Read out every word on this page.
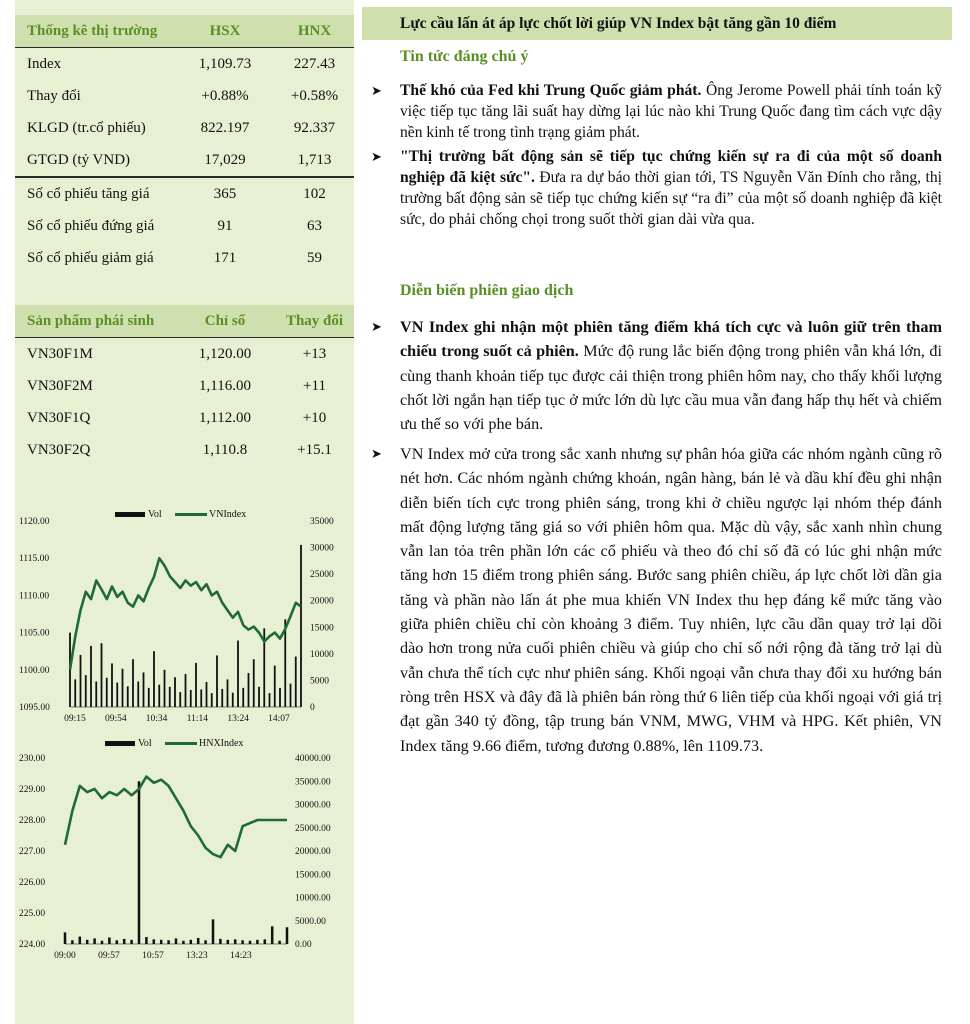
Thống kê thị trường	HSX	HNX
Index	1,109.73	227.43
Thay đổi	+0.88%	+0.58%
KLGD (tr.cổ phiếu)	822.197	92.337
GTGD (tỷ VND)	17,029	1,713
Số cổ phiếu tăng giá	365	102
Số cổ phiếu đứng giá	91	63
Số cổ phiếu giảm giá	171	59
Sản phẩm phái sinh	Chỉ số	Thay đổi
VN30F1M	1,120.00	+13
VN30F2M	1,116.00	+11
VN30F1Q	1,112.00	+10
VN30F2Q	1,110.8	+15.1
Vol	VNIndex
1120.00
1115.00
1110.00
1105.00
1100.00
1095.00
35000
30000
25000
20000
15000
10000
5000
0
09:15 09:54 10:34 11:14 13:24 14:07
Vol	HNXIndex
230.00
229.00
228.00
227.00
226.00
225.00
224.00
40000.00
35000.00
30000.00
25000.00
20000.00
15000.00
10000.00
5000.00
0.00
09:00 09:57 10:57 13:23 14:23
Lực cầu lấn át áp lực chốt lời giúp VN Index bật tăng gần 10 điểm
Tin tức đáng chú ý
➤ Thế khó của Fed khi Trung Quốc giảm phát. Ông Jerome Powell phải tính toán kỹ việc tiếp tục tăng lãi suất hay dừng lại lúc nào khi Trung Quốc đang tìm cách vực dậy nền kinh tế trong tình trạng giảm phát.
➤ "Thị trường bất động sản sẽ tiếp tục chứng kiến sự ra đi của một số doanh nghiệp đã kiệt sức". Đưa ra dự báo thời gian tới, TS Nguyễn Văn Đính cho rằng, thị trường bất động sản sẽ tiếp tục chứng kiến sự “ra đi” của một số doanh nghiệp đã kiệt sức, do phải chống chọi trong suốt thời gian dài vừa qua.
Diễn biến phiên giao dịch
➤ VN Index ghi nhận một phiên tăng điểm khá tích cực và luôn giữ trên tham chiếu trong suốt cả phiên. Mức độ rung lắc biến động trong phiên vẫn khá lớn, đi cùng thanh khoản tiếp tục được cải thiện trong phiên hôm nay, cho thấy khối lượng chốt lời ngắn hạn tiếp tục ở mức lớn dù lực cầu mua vẫn đang hấp thụ hết và chiếm ưu thế so với phe bán.
➤ VN Index mở cửa trong sắc xanh nhưng sự phân hóa giữa các nhóm ngành cũng rõ nét hơn. Các nhóm ngành chứng khoán, ngân hàng, bán lẻ và dầu khí đều ghi nhận diễn biến tích cực trong phiên sáng, trong khi ở chiều ngược lại nhóm thép đánh mất động lượng tăng giá so với phiên hôm qua. Mặc dù vậy, sắc xanh nhìn chung vẫn lan tỏa trên phần lớn các cổ phiếu và theo đó chỉ số đã có lúc ghi nhận mức tăng hơn 15 điểm trong phiên sáng. Bước sang phiên chiều, áp lực chốt lời dần gia tăng và phần nào lấn át phe mua khiến VN Index thu hẹp đáng kể mức tăng vào giữa phiên chiều chỉ còn khoảng 3 điểm. Tuy nhiên, lực cầu dần quay trở lại dồi dào hơn trong nửa cuối phiên chiều và giúp cho chỉ số nới rộng đà tăng trở lại dù vẫn chưa thể tích cực như phiên sáng. Khối ngoại vẫn chưa thay đổi xu hướng bán ròng trên HSX và đây đã là phiên bán ròng thứ 6 liên tiếp của khối ngoại với giá trị đạt gần 340 tỷ đồng, tập trung bán VNM, MWG, VHM và HPG. Kết phiên, VN Index tăng 9.66 điểm, tương đương 0.88%, lên 1109.73.
